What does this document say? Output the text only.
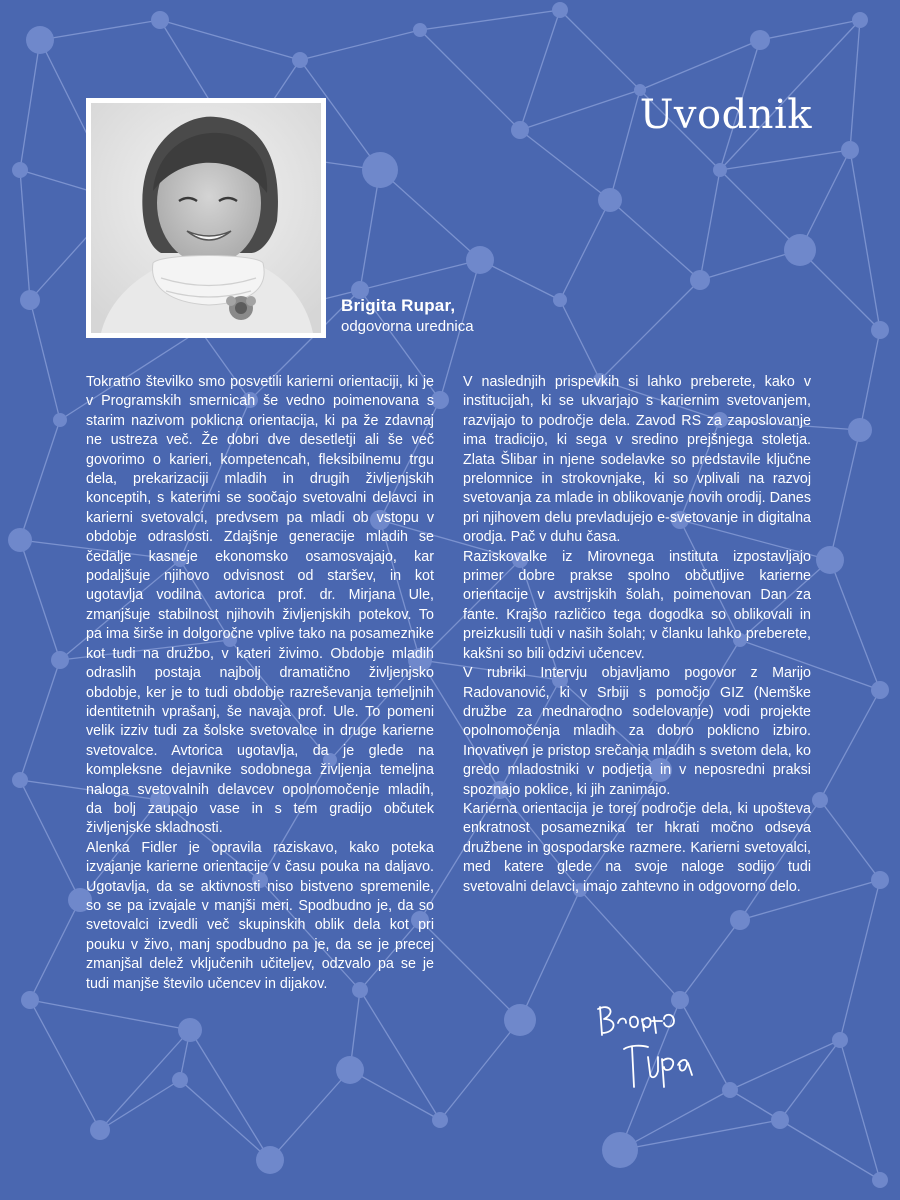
Uvodnik
Brigita Rupar,
odgovorna urednica

Tokratno številko smo posvetili karierni orientaciji, ki je v Programskih smernicah še vedno poimenovana s starim nazivom poklicna orientacija, ki pa že zdavnaj ne ustreza več. Že dobri dve desetletji ali še več govorimo o karieri, kompetencah, fleksibilnemu trgu dela, prekarizaciji mladih in drugih življenjskih konceptih, s katerimi se soočajo svetovalni delavci in karierni svetovalci, predvsem pa mladi ob vstopu v obdobje odraslosti. Zdajšnje generacije mladih se čedalje kasneje ekonomsko osamosvajajo, kar podaljšuje njihovo odvisnost od staršev, in kot ugotavlja vodilna avtorica prof. dr. Mirjana Ule, zmanjšuje stabilnost njihovih življenjskih potekov. To pa ima širše in dolgoročne vplive tako na posameznike kot tudi na družbo, v kateri živimo. Obdobje mladih odraslih postaja najbolj dramatično življenjsko obdobje, ker je to tudi obdobje razreševanja temeljnih identitetnih vprašanj, še navaja prof. Ule. To pomeni velik izziv tudi za šolske svetovalce in druge karierne svetovalce. Avtorica ugotavlja, da je glede na kompleksne dejavnike sodobnega življenja temeljna naloga svetovalnih delavcev opolnomočenje mladih, da bolj zaupajo vase in s tem gradijo občutek življenjske skladnosti.

Alenka Fidler je opravila raziskavo, kako poteka izvajanje karierne orientacije v času pouka na daljavo. Ugotavlja, da se aktivnosti niso bistveno spremenile, so se pa izvajale v manjši meri. Spodbudno je, da so svetovalci izvedli več skupinskih oblik dela kot pri pouku v živo, manj spodbudno pa je, da se je precej zmanjšal delež vključenih učiteljev, odzvalo pa se je tudi manjše število učencev in dijakov.

V naslednjih prispevkih si lahko preberete, kako v institucijah, ki se ukvarjajo s kariernim svetovanjem, razvijajo to področje dela. Zavod RS za zaposlovanje ima tradicijo, ki sega v sredino prejšnjega stoletja. Zlata Šlibar in njene sodelavke so predstavile ključne prelomnice in strokovnjake, ki so vplivali na razvoj svetovanja za mlade in oblikovanje novih orodij. Danes pri njihovem delu prevladujejo e-svetovanje in digitalna orodja. Pač v duhu časa.

Raziskovalke iz Mirovnega instituta izpostavljajo primer dobre prakse spolno občutljive karierne orientacije v avstrijskih šolah, poimenovan Dan za fante. Krajšo različico tega dogodka so oblikovali in preizkusili tudi v naših šolah; v članku lahko preberete, kakšni so bili odzivi učencev.

V rubriki Intervju objavljamo pogovor z Marijo Radovanović, ki v Srbiji s pomočjo GIZ (Nemške družbe za mednarodno sodelovanje) vodi projekte opolnomočenja mladih za dobro poklicno izbiro. Inovativen je pristop srečanja mladih s svetom dela, ko gredo mladostniki v podjetja in v neposredni praksi spoznajo poklice, ki jih zanimajo.

Karierna orientacija je torej področje dela, ki upošteva enkratnost posameznika ter hkrati močno odseva družbene in gospodarske razmere. Karierni svetovalci, med katere glede na svoje naloge sodijo tudi svetovalni delavci, imajo zahtevno in odgovorno delo.
